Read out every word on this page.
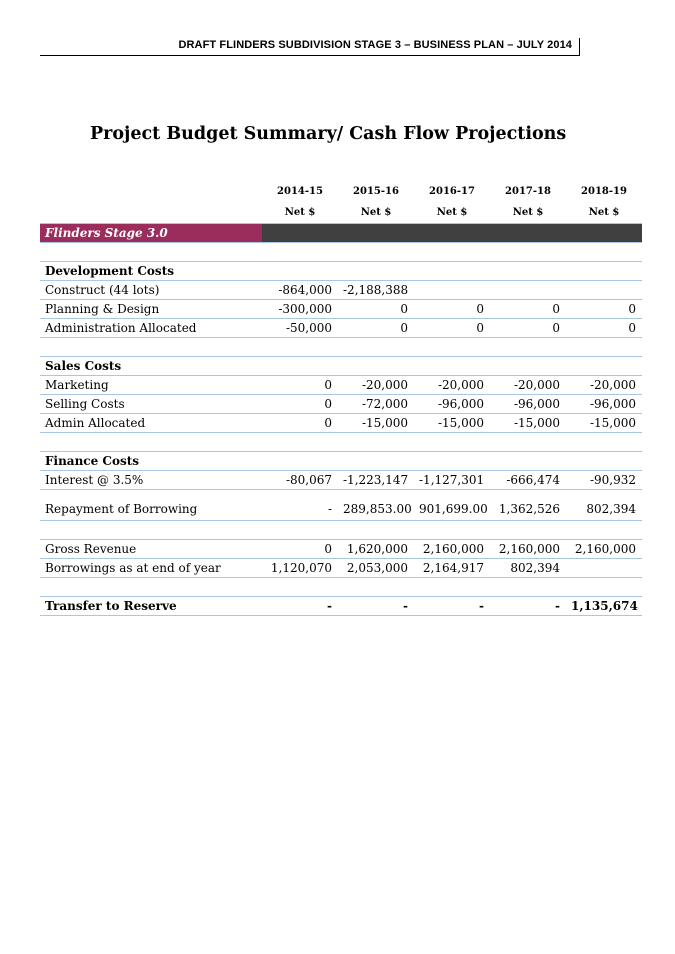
DRAFT FLINDERS SUBDIVISION STAGE 3 – BUSINESS PLAN – JULY 2014
Project Budget Summary/ Cash Flow Projections
	2014-15	2015-16	2016-17	2017-18	2018-19
	Net $	Net $	Net $	Net $	Net $
Flinders Stage 3.0					

Development Costs					
Construct (44 lots)	-864,000	-2,188,388			
Planning & Design	-300,000	0	0	0	0
Administration Allocated	-50,000	0	0	0	0

Sales Costs					
Marketing	0	-20,000	-20,000	-20,000	-20,000
Selling Costs	0	-72,000	-96,000	-96,000	-96,000
Admin Allocated	0	-15,000	-15,000	-15,000	-15,000

Finance Costs					
Interest @ 3.5%	-80,067	-1,223,147	-1,127,301	-666,474	-90,932
Repayment of Borrowing	-	289,853.00	901,699.00	1,362,526	802,394

Gross Revenue	0	1,620,000	2,160,000	2,160,000	2,160,000
Borrowings as at end of year	1,120,070	2,053,000	2,164,917	802,394	

Transfer to Reserve	-	-	-	-	1,135,674
